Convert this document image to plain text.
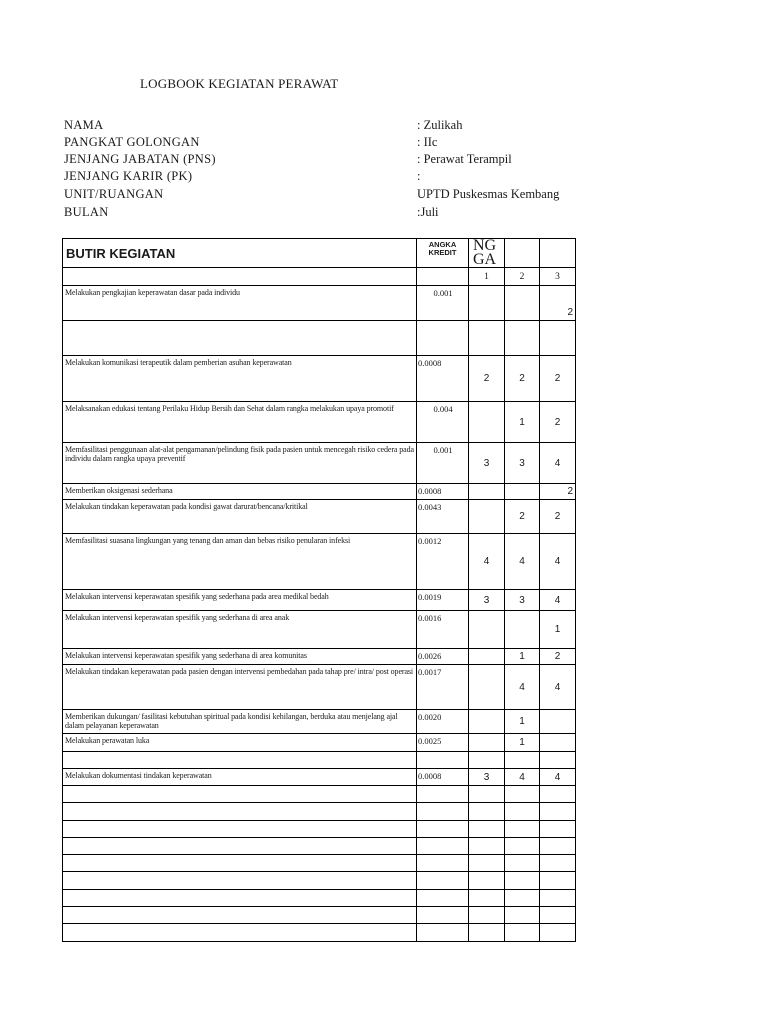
LOGBOOK KEGIATAN PERAWAT
NAMA	: Zulikah
PANGKAT GOLONGAN	: IIc
JENJANG JABATAN (PNS)	: Perawat Terampil
JENJANG KARIR (PK)	:
UNIT/RUANGAN	UPTD Puskesmas Kembang
BULAN	:Juli
BUTIR KEGIATAN	ANGKA KREDIT	NG GA		
		1	2	3

Melakukan pengkajian keperawatan dasar pada individu	0.001			2

Melakukan komunikasi terapeutik dalam pemberian asuhan keperawatan	0.0008	2	2	2

Melaksanakan edukasi tentang Perilaku Hidup Bersih dan Sehat dalam rangka melakukan upaya promotif	0.004		1	2

Memfasilitasi penggunaan alat-alat pengamanan/pelindung fisik pada pasien untuk mencegah risiko cedera pada individu dalam rangka upaya preventif	0.001	3	3	4

Memberikan oksigenasi sederhana	0.0008			2

Melakukan tindakan keperawatan pada kondisi gawat darurat/bencana/kritikal	0.0043		2	2

Memfasilitasi suasana lingkungan yang tenang dan aman dan bebas risiko penularan infeksi	0.0012	4	4	4

Melakukan intervensi keperawatan spesifik yang sederhana pada area medikal bedah	0.0019	3	3	4

Melakukan intervensi keperawatan spesifik yang sederhana di area anak	0.0016			1

Melakukan intervensi keperawatan spesifik yang sederhana di area komunitas	0.0026		1	2

Melakukan tindakan keperawatan pada pasien dengan intervensi pembedahan pada tahap pre/ intra/ post operasi	0.0017		4	4

Memberikan dukungan/ fasilitasi kebutuhan spiritual pada kondisi kehilangan, berduka atau menjelang ajal dalam pelayanan keperawatan	0.0020		1	

Melakukan perawatan luka	0.0025		1	

Melakukan dokumentasi tindakan keperawatan	0.0008	3	4	4
